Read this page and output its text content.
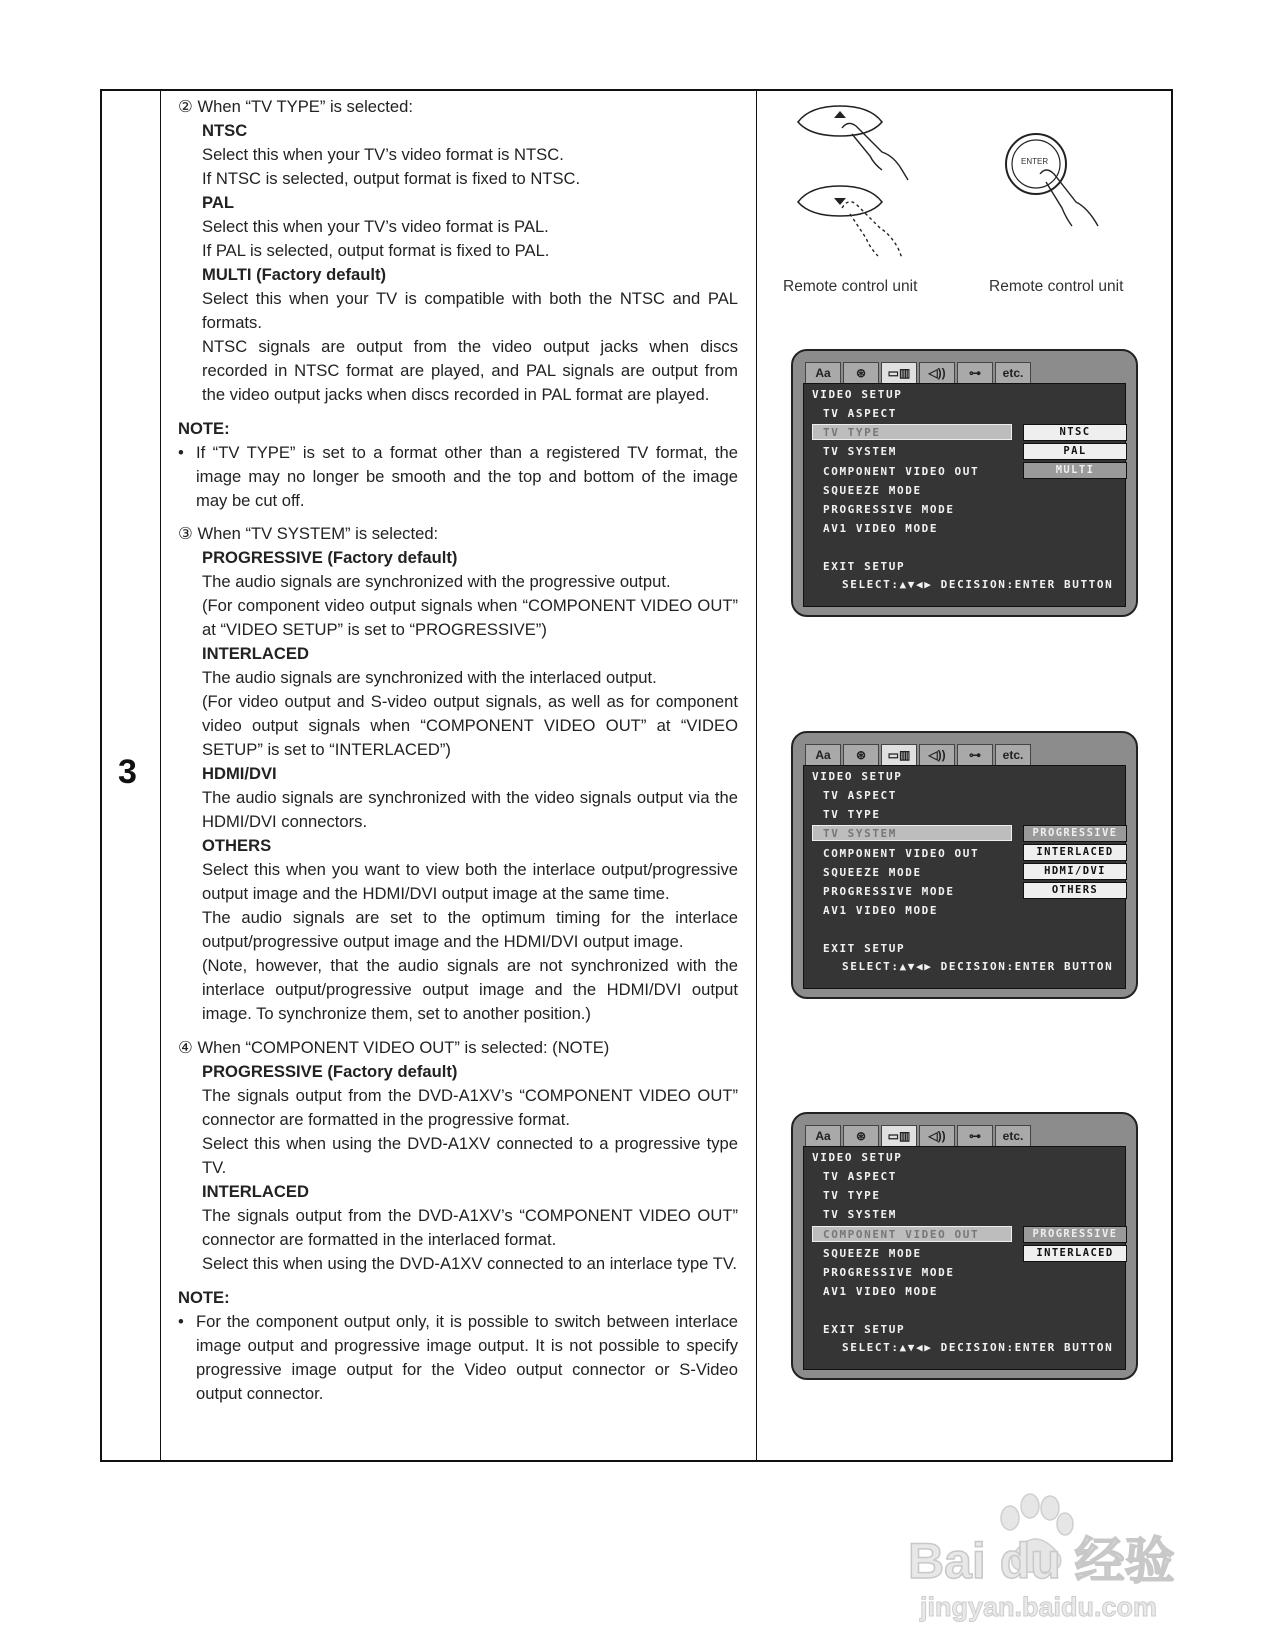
3

② When “TV TYPE” is selected:

NTSC

Select this when your TV’s video format is NTSC.

If NTSC is selected, output format is fixed to NTSC.

PAL

Select this when your TV’s video format is PAL.

If PAL is selected, output format is fixed to PAL.

MULTI (Factory default)

Select this when your TV is compatible with both the NTSC and PAL formats.

NTSC signals are output from the video output jacks when discs recorded in NTSC format are played, and PAL signals are output from the video output jacks when discs recorded in PAL format are played.

NOTE:

• If “TV TYPE” is set to a format other than a registered TV format, the image may no longer be smooth and the top and bottom of the image may be cut off.

③ When “TV SYSTEM” is selected:

PROGRESSIVE (Factory default)

The audio signals are synchronized with the progressive output.

(For component video output signals when “COMPONENT VIDEO OUT” at “VIDEO SETUP” is set to “PROGRESSIVE”)

INTERLACED

The audio signals are synchronized with the interlaced output.

(For video output and S-video output signals, as well as for component video output signals when “COMPONENT VIDEO OUT” at “VIDEO SETUP” is set to “INTERLACED”)

HDMI/DVI

The audio signals are synchronized with the video signals output via the HDMI/DVI connectors.

OTHERS

Select this when you want to view both the interlace output/progressive output image and the HDMI/DVI output image at the same time.

The audio signals are set to the optimum timing for the interlace output/progressive output image and the HDMI/DVI output image.

(Note, however, that the audio signals are not synchronized with the interlace output/progressive output image and the HDMI/DVI output image. To synchronize them, set to another position.)

④ When “COMPONENT VIDEO OUT” is selected: (NOTE)

PROGRESSIVE (Factory default)

The signals output from the DVD-A1XV’s “COMPONENT VIDEO OUT” connector are formatted in the progressive format.

Select this when using the DVD-A1XV connected to a progressive type TV.

INTERLACED

The signals output from the DVD-A1XV’s “COMPONENT VIDEO OUT” connector are formatted in the interlaced format.

Select this when using the DVD-A1XV connected to an interlace type TV.

NOTE:

• For the component output only, it is possible to switch between interlace image output and progressive image output. It is not possible to specify progressive image output for the Video output connector or S-Video output connector.
ENTER
Remote control unit	Remote control unit
Aa	⊛	▭▥	◁))	⊶	etc.
VIDEO SETUP
TV ASPECT
TV TYPE
TV SYSTEM
COMPONENT VIDEO OUT
SQUEEZE MODE
PROGRESSIVE MODE
AV1 VIDEO MODE
EXIT SETUP
SELECT:▲▼◀▶ DECISION:ENTER BUTTON
NTSC
PAL
MULTI
Aa	⊛	▭▥	◁))	⊶	etc.
VIDEO SETUP
TV ASPECT
TV TYPE
TV SYSTEM
COMPONENT VIDEO OUT
SQUEEZE MODE
PROGRESSIVE MODE
AV1 VIDEO MODE
EXIT SETUP
SELECT:▲▼◀▶ DECISION:ENTER BUTTON
PROGRESSIVE
INTERLACED
HDMI/DVI
OTHERS
Aa	⊛	▭▥	◁))	⊶	etc.
VIDEO SETUP
TV ASPECT
TV TYPE
TV SYSTEM
COMPONENT VIDEO OUT
SQUEEZE MODE
PROGRESSIVE MODE
AV1 VIDEO MODE
EXIT SETUP
SELECT:▲▼◀▶ DECISION:ENTER BUTTON
PROGRESSIVE
INTERLACED
Bai du 经验
jingyan.baidu.com
